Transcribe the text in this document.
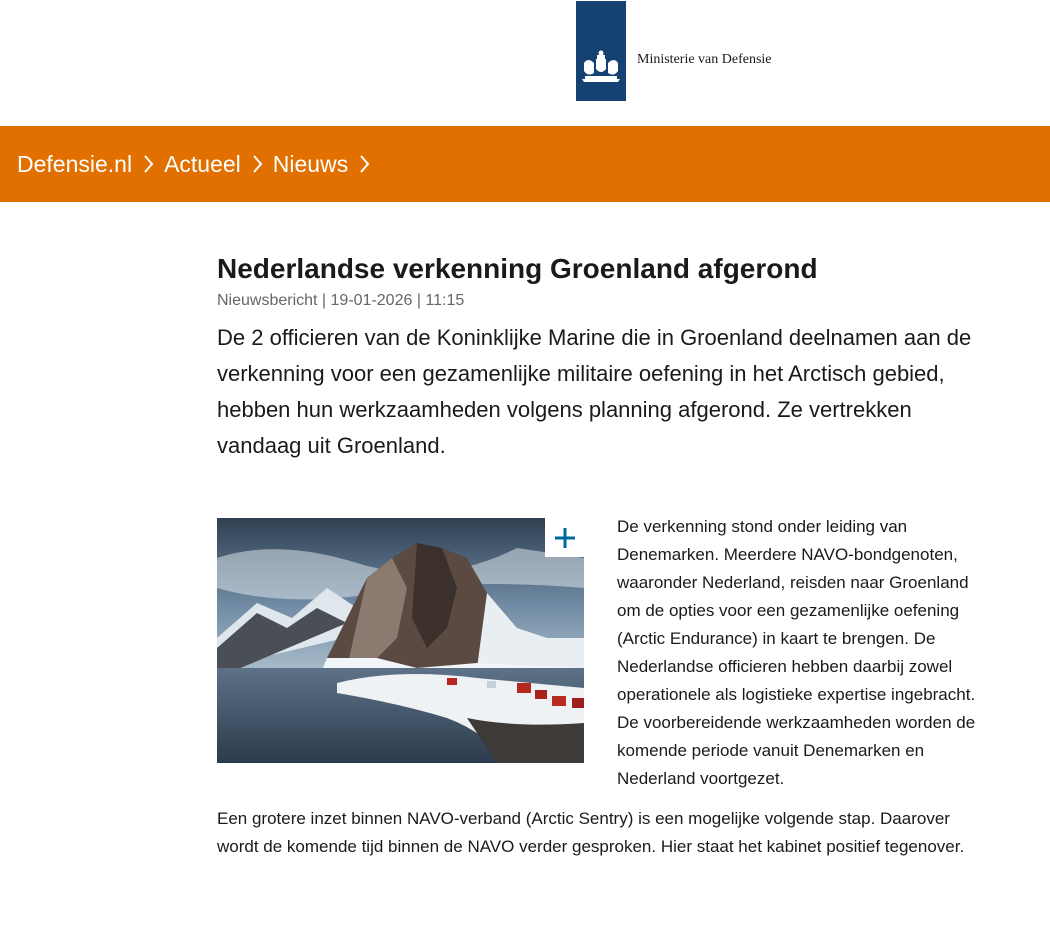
Ministerie van Defensie
Defensie.nl Actueel Nieuws
Nederlandse verkenning Groenland afgerond
Nieuwsbericht | 19-01-2026 | 11:15
De 2 officieren van de Koninklijke Marine die in Groenland deelnamen aan de verkenning voor een gezamenlijke militaire oefening in het Arctisch gebied, hebben hun werkzaamheden volgens planning afgerond. Ze vertrekken vandaag uit Groenland.

De verkenning stond onder leiding van Denemarken. Meerdere NAVO-bondgenoten, waaronder Nederland, reisden naar Groenland om de opties voor een gezamenlijke oefening (Arctic Endurance) in kaart te brengen. De Nederlandse officieren hebben daarbij zowel operationele als logistieke expertise ingebracht. De voorbereidende werkzaamheden worden de komende periode vanuit Denemarken en Nederland voortgezet.

Een grotere inzet binnen NAVO-verband (Arctic Sentry) is een mogelijke volgende stap. Daarover wordt de komende tijd binnen de NAVO verder gesproken. Hier staat het kabinet positief tegenover.
